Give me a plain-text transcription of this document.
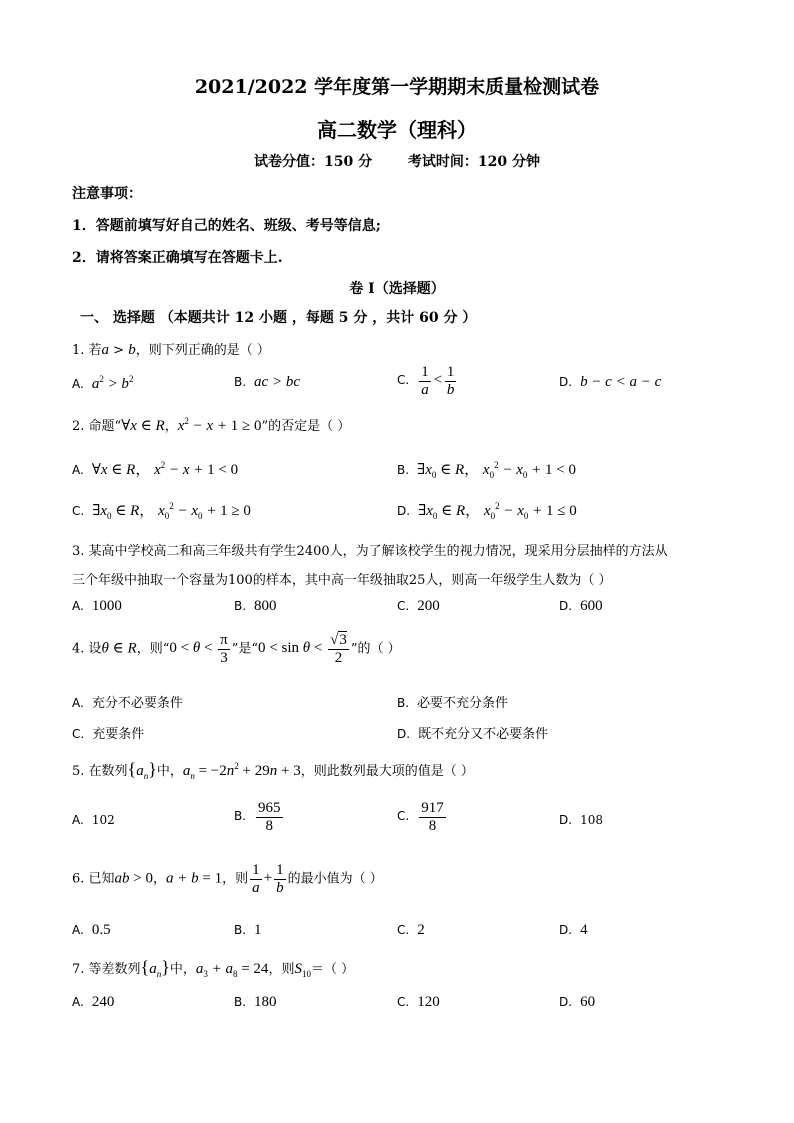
2021/2022 学年度第一学期期末质量检测试卷
高二数学（理科）
试卷分值：150 分	考试时间：120 分钟
注意事项：
1．答题前填写好自己的姓名、班级、考号等信息;
2．请将答案正确填写在答题卡上.
卷 I（选择题）
一、 选择题 （本题共计 12 小题 ，每题 5 分 ，共计 60 分 ）
1. 若a > b，则下列正确的是（ ）
A. $a^2 > b^2$	B. ac > bc	C. $\frac{1}{a} < \frac{1}{b}$	D. b − c < a − c
2. 命题“∀x ∈ R，$x^2 - x + 1 \ge 0$”的否定是（ ）
A. ∀x ∈ R， $x^2 - x + 1 < 0$	B. $\exists x_0$ ∈ R， $x_0^2 - x_0 + 1 < 0$
C. $\exists x_0$ ∈ R， $x_0^2 - x_0 + 1 \ge 0$	D. $\exists x_0$ ∈ R， $x_0^2 - x_0 + 1 \le 0$
3. 某高中学校高二和高三年级共有学生2400人，为了解该校学生的视力情况，现采用分层抽样的方法从
三个年级中抽取一个容量为100的样本，其中高一年级抽取25人，则高一年级学生人数为（ ）
A. 1000	B. 800	C. 200	D. 600
4. 设θ ∈ R，则“$0 < \theta < \frac{\pi}{3}$ ”是“$0 < \sin \theta < \frac{√3}{2}$ ”的（ ）
A. 充分不必要条件	B. 必要不充分条件
C. 充要条件	D. 既不充分又不必要条件
5. 在数列$\{a_n\}$中，$a_n = -2n^2 + 29n + 3$，则此数列最大项的值是（ ）
A. 102	B. $\frac{965}{8}$	C. $\frac{917}{8}$	D. 108
6. 已知ab > 0，a + b = 1，则 $\frac{1}{a} + \frac{1}{b}$ 的最小值为（ ）
A. 0.5	B. 1	C. 2	D. 4
7. 等差数列$\{a_n\}$中，$a_3 + a_8 = 24$，则$S_{10}=$（ ）
A. 240	B. 180	C. 120	D. 60
